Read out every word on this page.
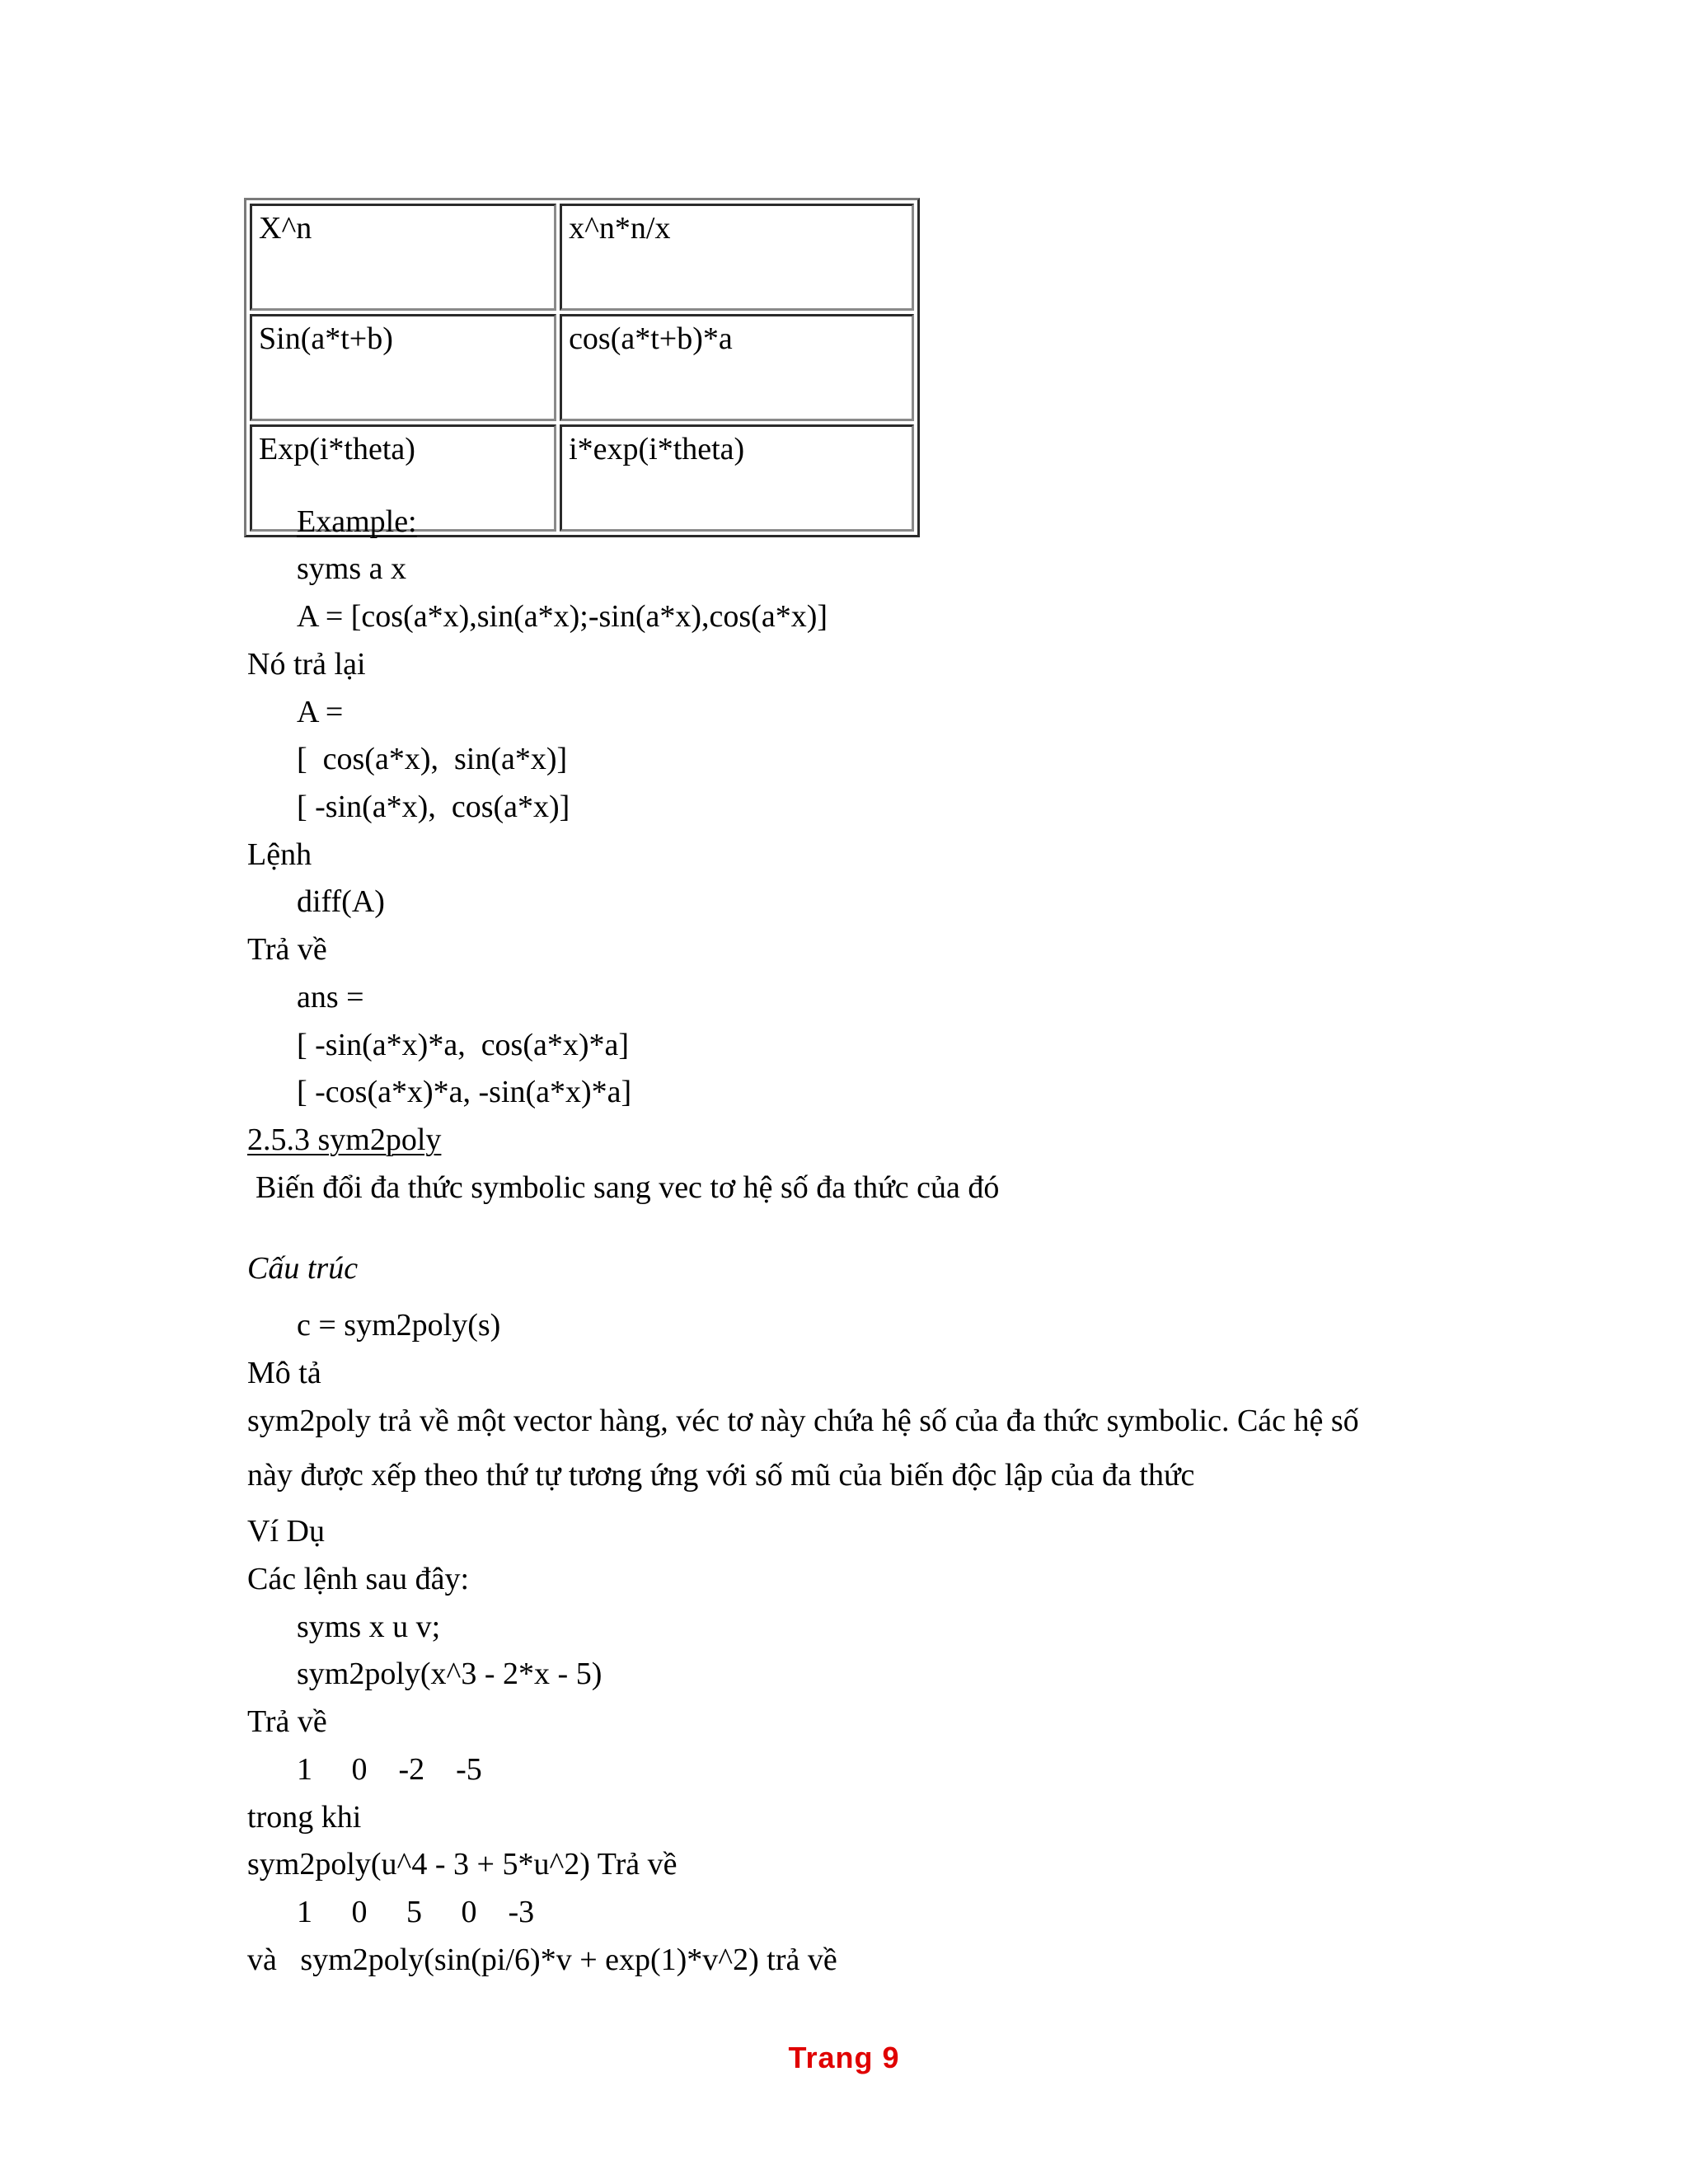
X^n	x^n*n/x
Sin(a*t+b)	cos(a*t+b)*a
Exp(i*theta)	i*exp(i*theta)
Example:
syms a x
A = [cos(a*x),sin(a*x);-sin(a*x),cos(a*x)]
Nó trả lại
A =
[  cos(a*x),  sin(a*x)]
[ -sin(a*x),  cos(a*x)]
Lệnh
diff(A)
Trả về
ans =
[ -sin(a*x)*a,  cos(a*x)*a]
[ -cos(a*x)*a, -sin(a*x)*a]
2.5.3 sym2poly
Biến đổi đa thức symbolic sang vec tơ hệ số đa thức của đó
Cấu trúc
c = sym2poly(s)
Mô tả
sym2poly trả về một vector hàng, véc tơ này chứa hệ số của đa thức symbolic. Các hệ số
này được xếp theo thứ tự tương ứng với số mũ của biến độc lập của đa thức
Ví Dụ
Các lệnh sau đây:
syms x u v;
sym2poly(x^3 - 2*x - 5)
Trả về
1     0    -2    -5
trong khi
sym2poly(u^4 - 3 + 5*u^2) Trả về
1     0     5     0    -3
và   sym2poly(sin(pi/6)*v + exp(1)*v^2) trả về
Trang 9
